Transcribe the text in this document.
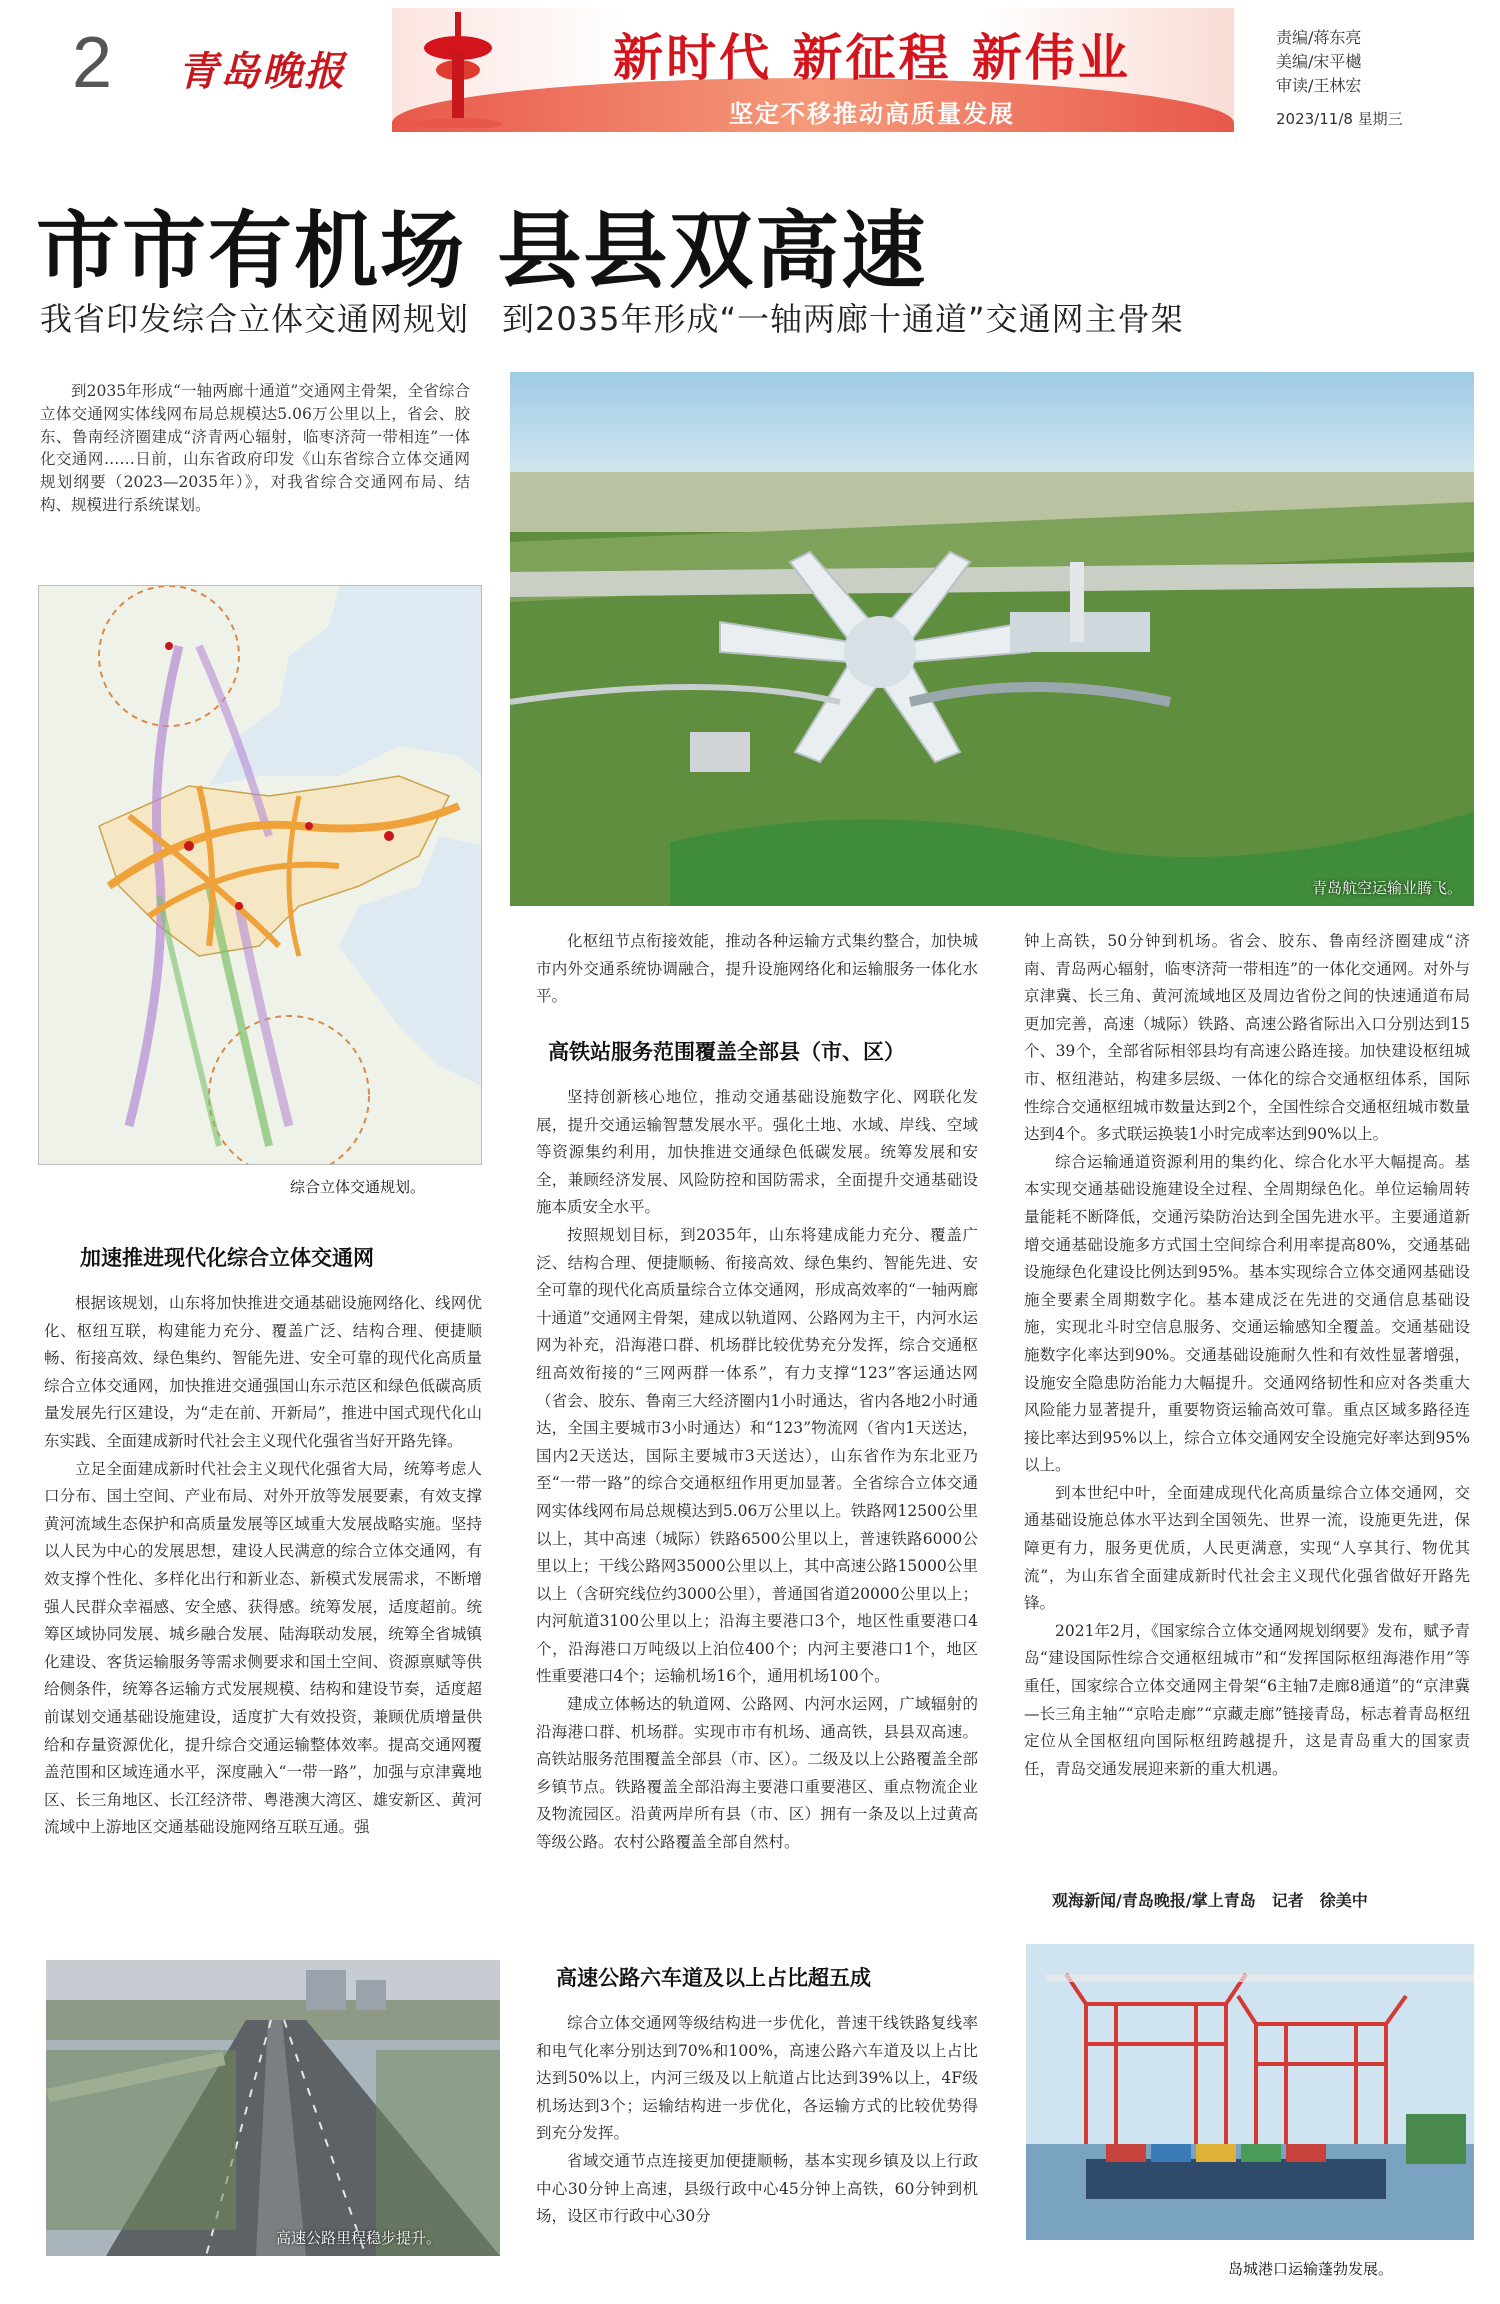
2 青岛晚报	新时代 新征程 新伟业
坚定不移推动高质量发展
责编/蒋东亮
美编/宋平樾
审读/王林宏
2023/11/8 星期三
市市有机场 县县双高速
我省印发综合立体交通网规划　到2035年形成“一轴两廊十通道”交通网主骨架
到2035年形成“一轴两廊十通道”交通网主骨架，全省综合立体交通网实体线网布局总规模达5.06万公里以上，省会、胶东、鲁南经济圈建成“济青两心辐射，临枣济菏一带相连”一体化交通网……日前，山东省政府印发《山东省综合立体交通网规划纲要（2023—2035年）》，对我省综合交通网布局、结构、规模进行系统谋划。
综合立体交通规划。
加速推进现代化综合立体交通网

根据该规划，山东将加快推进交通基础设施网络化、线网优化、枢纽互联，构建能力充分、覆盖广泛、结构合理、便捷顺畅、衔接高效、绿色集约、智能先进、安全可靠的现代化高质量综合立体交通网，加快推进交通强国山东示范区和绿色低碳高质量发展先行区建设，为“走在前、开新局”，推进中国式现代化山东实践、全面建成新时代社会主义现代化强省当好开路先锋。

立足全面建成新时代社会主义现代化强省大局，统筹考虑人口分布、国土空间、产业布局、对外开放等发展要素，有效支撑黄河流域生态保护和高质量发展等区域重大发展战略实施。坚持以人民为中心的发展思想，建设人民满意的综合立体交通网，有效支撑个性化、多样化出行和新业态、新模式发展需求，不断增强人民群众幸福感、安全感、获得感。统筹发展，适度超前。统筹区域协同发展、城乡融合发展、陆海联动发展，统筹全省城镇化建设、客货运输服务等需求侧要求和国土空间、资源禀赋等供给侧条件，统筹各运输方式发展规模、结构和建设节奏，适度超前谋划交通基础设施建设，适度扩大有效投资，兼顾优质增量供给和存量资源优化，提升综合交通运输整体效率。提高交通网覆盖范围和区域连通水平，深度融入“一带一路”，加强与京津冀地区、长三角地区、长江经济带、粤港澳大湾区、雄安新区、黄河流域中上游地区交通基础设施网络互联互通。强

高速公路里程稳步提升。
青岛航空运输业腾飞。

化枢纽节点衔接效能，推动各种运输方式集约整合，加快城市内外交通系统协调融合，提升设施网络化和运输服务一体化水平。

高铁站服务范围覆盖全部县（市、区）

坚持创新核心地位，推动交通基础设施数字化、网联化发展，提升交通运输智慧发展水平。强化土地、水域、岸线、空域等资源集约利用，加快推进交通绿色低碳发展。统筹发展和安全，兼顾经济发展、风险防控和国防需求，全面提升交通基础设施本质安全水平。

按照规划目标，到2035年，山东将建成能力充分、覆盖广泛、结构合理、便捷顺畅、衔接高效、绿色集约、智能先进、安全可靠的现代化高质量综合立体交通网，形成高效率的“一轴两廊十通道”交通网主骨架，建成以轨道网、公路网为主干，内河水运网为补充，沿海港口群、机场群比较优势充分发挥，综合交通枢纽高效衔接的“三网两群一体系”，有力支撑“123”客运通达网（省会、胶东、鲁南三大经济圈内1小时通达，省内各地2小时通达，全国主要城市3小时通达）和“123”物流网（省内1天送达，国内2天送达，国际主要城市3天送达），山东省作为东北亚乃至“一带一路”的综合交通枢纽作用更加显著。全省综合立体交通网实体线网布局总规模达到5.06万公里以上。铁路网12500公里以上，其中高速（城际）铁路6500公里以上，普速铁路6000公里以上；干线公路网35000公里以上，其中高速公路15000公里以上（含研究线位约3000公里），普通国省道20000公里以上；内河航道3100公里以上；沿海主要港口3个，地区性重要港口4个，沿海港口万吨级以上泊位400个；内河主要港口1个，地区性重要港口4个；运输机场16个，通用机场100个。

建成立体畅达的轨道网、公路网、内河水运网，广域辐射的沿海港口群、机场群。实现市市有机场、通高铁，县县双高速。高铁站服务范围覆盖全部县（市、区）。二级及以上公路覆盖全部乡镇节点。铁路覆盖全部沿海主要港口重要港区、重点物流企业及物流园区。沿黄两岸所有县（市、区）拥有一条及以上过黄高等级公路。农村公路覆盖全部自然村。

高速公路六车道及以上占比超五成

综合立体交通网等级结构进一步优化，普速干线铁路复线率和电气化率分别达到70%和100%，高速公路六车道及以上占比达到50%以上，内河三级及以上航道占比达到39%以上，4F级机场达到3个；运输结构进一步优化，各运输方式的比较优势得到充分发挥。

省域交通节点连接更加便捷顺畅，基本实现乡镇及以上行政中心30分钟上高速，县级行政中心45分钟上高铁，60分钟到机场，设区市行政中心30分

钟上高铁，50分钟到机场。省会、胶东、鲁南经济圈建成“济南、青岛两心辐射，临枣济菏一带相连”的一体化交通网。对外与京津冀、长三角、黄河流域地区及周边省份之间的快速通道布局更加完善，高速（城际）铁路、高速公路省际出入口分别达到15个、39个，全部省际相邻县均有高速公路连接。加快建设枢纽城市、枢纽港站，构建多层级、一体化的综合交通枢纽体系，国际性综合交通枢纽城市数量达到2个，全国性综合交通枢纽城市数量达到4个。多式联运换装1小时完成率达到90%以上。

综合运输通道资源利用的集约化、综合化水平大幅提高。基本实现交通基础设施建设全过程、全周期绿色化。单位运输周转量能耗不断降低，交通污染防治达到全国先进水平。主要通道新增交通基础设施多方式国土空间综合利用率提高80%，交通基础设施绿色化建设比例达到95%。基本实现综合立体交通网基础设施全要素全周期数字化。基本建成泛在先进的交通信息基础设施，实现北斗时空信息服务、交通运输感知全覆盖。交通基础设施数字化率达到90%。交通基础设施耐久性和有效性显著增强，设施安全隐患防治能力大幅提升。交通网络韧性和应对各类重大风险能力显著提升，重要物资运输高效可靠。重点区域多路径连接比率达到95%以上，综合立体交通网安全设施完好率达到95%以上。

到本世纪中叶，全面建成现代化高质量综合立体交通网，交通基础设施总体水平达到全国领先、世界一流，设施更先进，保障更有力，服务更优质，人民更满意，实现“人享其行、物优其流”，为山东省全面建成新时代社会主义现代化强省做好开路先锋。

2021年2月，《国家综合立体交通网规划纲要》发布，赋予青岛“建设国际性综合交通枢纽城市”和“发挥国际枢纽海港作用”等重任，国家综合立体交通网主骨架“6主轴7走廊8通道”的“京津冀—长三角主轴”“京哈走廊”“京藏走廊”链接青岛，标志着青岛枢纽定位从全国枢纽向国际枢纽跨越提升，这是青岛重大的国家责任，青岛交通发展迎来新的重大机遇。

观海新闻/青岛晚报/掌上青岛　记者　徐美中
岛城港口运输蓬勃发展。
